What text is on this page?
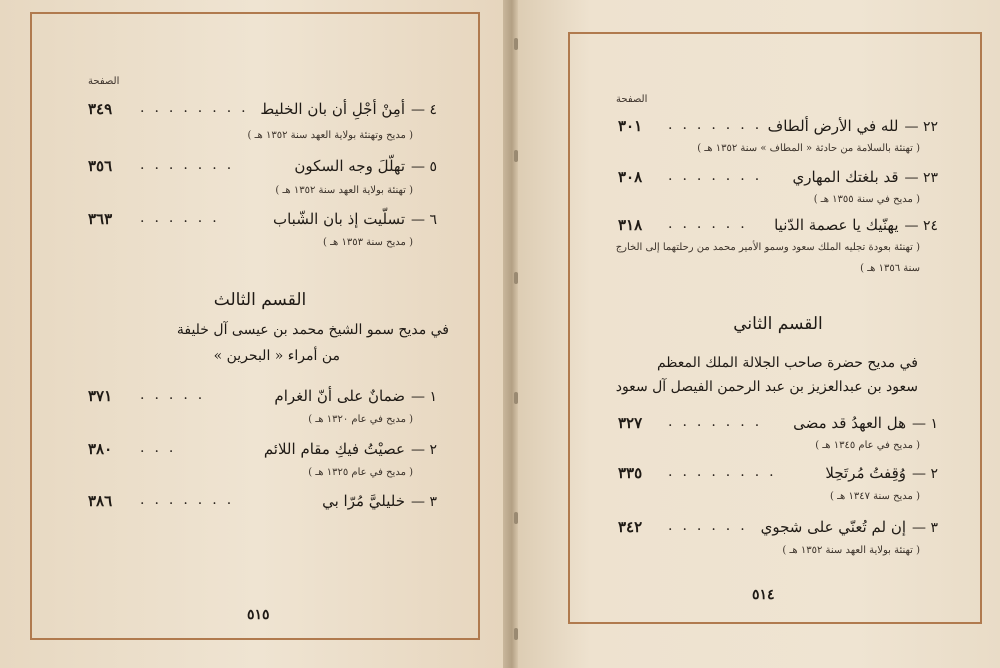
الصفحة
٤ —أمِنْ أجْلِ أن بان الخليط
........
٣٤٩
( مديح وتهنئة بولاية العهد سنة ١٣٥٢ هـ )
٥ —تهلّلَ وجه السكون
.......
٣٥٦
( تهنئة بولاية العهد سنة ١٣٥٢ هـ )
٦ —تسلّيت إذ بان الشّباب
......
٣٦٣
( مديح سنة ١٣٥٣ هـ )
القسم الثالث
في مديح سمو الشيخ محمد بن عيسى آل خليفة
من أمراء « البحرين »
١ —ضمانٌ على أنّ الغرام
.....
٣٧١
( مديح في عام ١٣٢٠ هـ )
٢ —عصيْتُ فيكِ مقام اللائم
...
٣٨٠
( مديح في عام ١٣٢٥ هـ )
٣ —خليليَّ مُرّا بي
.......
٣٨٦
٥١٥
الصفحة
٢٢ —لله في الأرض ألطاف
.......
٣٠١
( تهنئة بالسلامة من حادثة « المطاف » سنة ١٣٥٢ هـ )
٢٣ —قد بلغتك المهاري
.......
٣٠٨
( مديح في سنة ١٣٥٥ هـ )
٢٤ —يهنّيك يا عصمة الدّنيا
......
٣١٨
( تهنئة بعودة تجليه الملك سعود وسمو الأمير محمد من رحلتهما إلى الخارج
سنة ١٣٥٦ هـ )
القسم الثاني
في مديح حضرة صاحب الجلالة الملك المعظم
سعود بن عبدالعزيز بن عبد الرحمن الفيصل آل سعود
١ —هل العهدُ قد مضى
.......
٣٢٧
( مديح في عام ١٣٤٥ هـ )
٢ —وُقِفتُ مُرتَحِلا
........
٣٣٥
( مديح سنة ١٣٤٧ هـ )
٣ —إن لم تُعنّي على شجوي
......
٣٤٢
( تهنئة بولاية العهد سنة ١٣٥٢ هـ )
٥١٤
